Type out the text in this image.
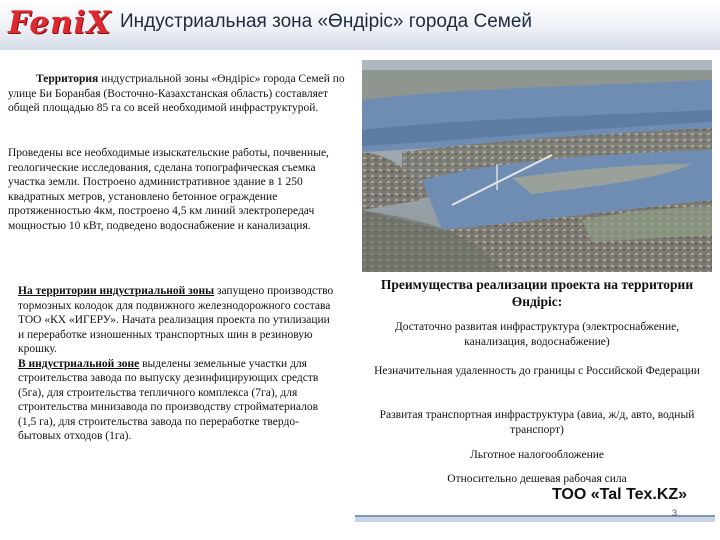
FeniX Индустриальная зона «Өндіріс» города Семей

Территория индустриальной зоны «Өндіріс» города Семей по улице Би Боранбая (Восточно-Казахстанская область) составляет общей площадью 85 га со всей необходимой инфраструктурой.

Проведены все необходимые изыскательские работы, почвенные, геологические исследования, сделана топографическая съемка участка земли. Построено административное здание в 1 250 квадратных метров, установлено бетонное ограждение протяженностью 4км, построено 4,5 км линий электропередач мощностью 10 кВт, подведено водоснабжение и канализация.

На территории индустриальной зоны запущено производство тормозных колодок для подвижного железнодорожного состава ТОО «КХ «ИГЕРУ». Начата реализация проекта по утилизации и переработке изношенных транспортных шин в резиновую крошку.

В индустриальной зоне выделены земельные участки для строительства завода по выпуску дезинфицирующих средств (5га), для строительства тепличного комплекса (7га), для строительства минизавода по производству стройматериалов (1,5 га), для строительства завода по переработке твердо-бытовых отходов (1га).

Преимущества реализации проекта на территории Өндіріс:
Достаточно развитая инфраструктура (электроснабжение, канализация, водоснабжение)
Незначительная удаленность до границы с Российской Федерации
Развитая транспортная инфраструктура (авиа, ж/д, авто, водный транспорт)
Льготное налогообложение
Относительно дешевая рабочая сила
ТОО «Tal Tex.KZ»
3
